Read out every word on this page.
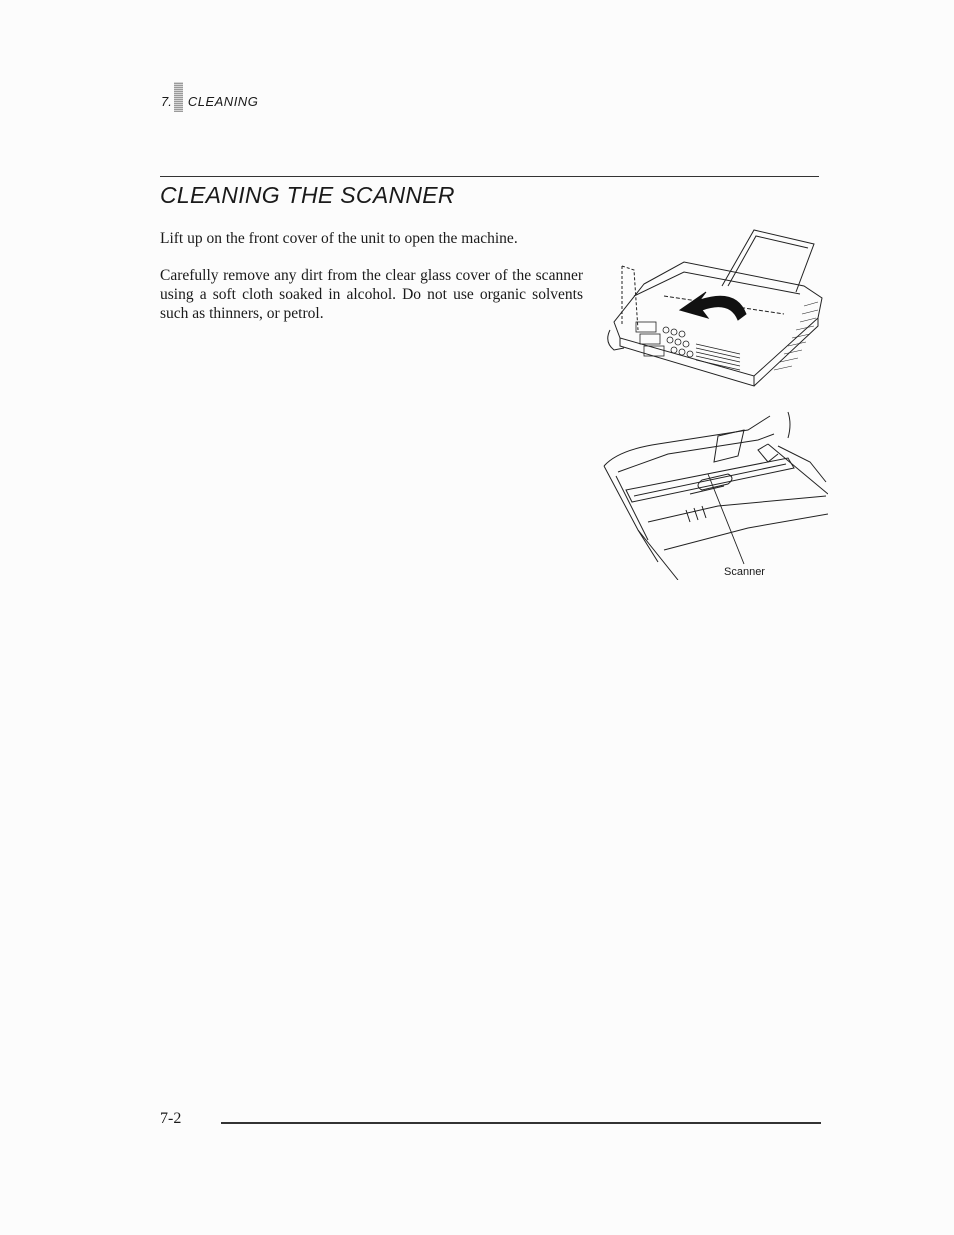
7. CLEANING
CLEANING THE SCANNER

Lift up on the front cover of the unit to open the machine.

Carefully remove any dirt from the clear glass cover of the scanner using a soft cloth soaked in alcohol. Do not use organic solvents such as thinners, or petrol.

Scanner
7-2
